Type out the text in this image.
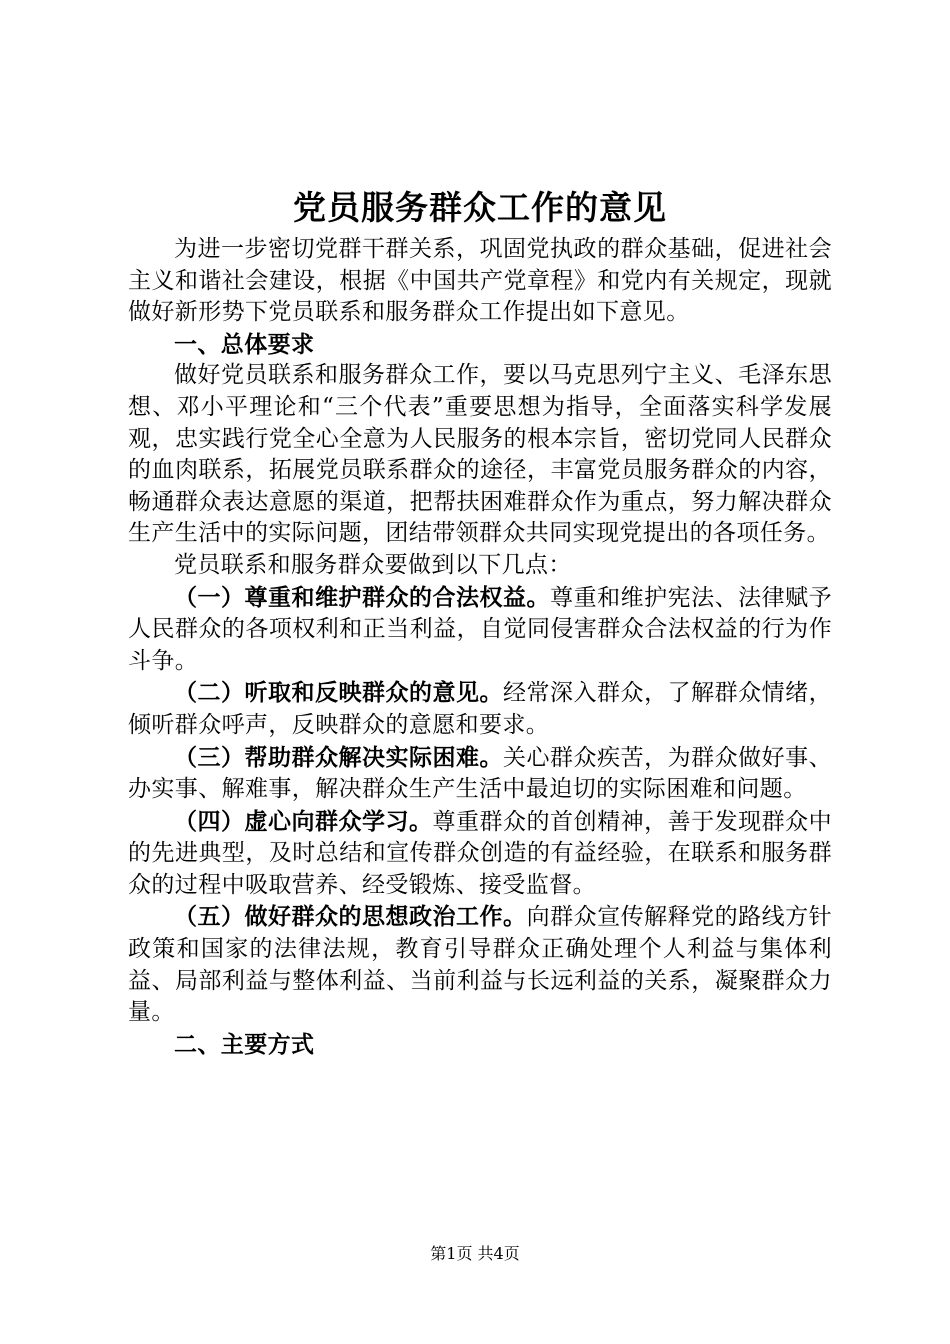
党员服务群众工作的意见

为进一步密切党群干群关系，巩固党执政的群众基础，促进社会主义和谐社会建设，根据《中国共产党章程》和党内有关规定，现就做好新形势下党员联系和服务群众工作提出如下意见。

一、总体要求

做好党员联系和服务群众工作，要以马克思列宁主义、毛泽东思想、邓小平理论和“三个代表”重要思想为指导，全面落实科学发展观，忠实践行党全心全意为人民服务的根本宗旨，密切党同人民群众的血肉联系，拓展党员联系群众的途径，丰富党员服务群众的内容，畅通群众表达意愿的渠道，把帮扶困难群众作为重点，努力解决群众生产生活中的实际问题，团结带领群众共同实现党提出的各项任务。

党员联系和服务群众要做到以下几点：

（一）尊重和维护群众的合法权益。尊重和维护宪法、法律赋予人民群众的各项权利和正当利益，自觉同侵害群众合法权益的行为作斗争。

（二）听取和反映群众的意见。经常深入群众，了解群众情绪，倾听群众呼声，反映群众的意愿和要求。

（三）帮助群众解决实际困难。关心群众疾苦，为群众做好事、办实事、解难事，解决群众生产生活中最迫切的实际困难和问题。

（四）虚心向群众学习。尊重群众的首创精神，善于发现群众中的先进典型，及时总结和宣传群众创造的有益经验，在联系和服务群众的过程中吸取营养、经受锻炼、接受监督。

（五）做好群众的思想政治工作。向群众宣传解释党的路线方针政策和国家的法律法规，教育引导群众正确处理个人利益与集体利益、局部利益与整体利益、当前利益与长远利益的关系，凝聚群众力量。

二、主要方式

第1页 共4页
